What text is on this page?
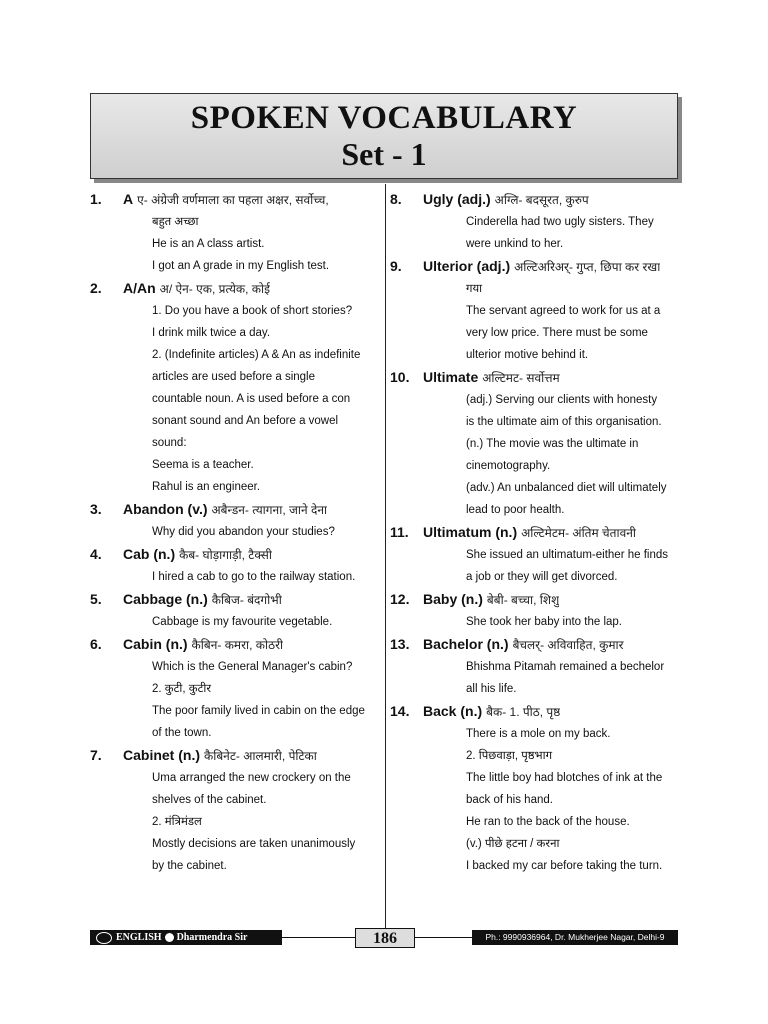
SPOKEN VOCABULARY
Set - 1
1.	A ए- अंग्रेजी वर्णमाला का पहला अक्षर, सर्वोच्च,
बहुत अच्छा
He is an A class artist.
I got an A grade in my English test.
2.	A/An अ/ ऐन- एक, प्रत्येक, कोई
1. Do you have a book of short stories?
I drink milk twice a day.
2. (Indefinite articles) A & An as indefinite
articles are used before a single
countable noun. A is used before a con
sonant sound and An before a vowel
sound:
Seema is a teacher.
Rahul is an engineer.
3.	Abandon (v.) अबैन्डन- त्यागना, जाने देना
Why did you abandon your studies?
4.	Cab (n.) कैब- घोड़ागाड़ी, टैक्सी
I hired a cab to go to the railway station.
5.	Cabbage (n.) कैबिज- बंदगोभी
Cabbage is my favourite vegetable.
6.	Cabin (n.) कैबिन- कमरा, कोठरी
Which is the General Manager's cabin?
2. कुटी, कुटीर
The poor family lived in cabin on the edge
of the town.
7.	Cabinet (n.) कैबिनेट- आलमारी, पेटिका
Uma arranged the new crockery on the
shelves of the cabinet.
2. मंत्रिमंडल
Mostly decisions are taken unanimously
by the cabinet.
8.	Ugly (adj.) अग्लि- बदसूरत, कुरुप
Cinderella had two ugly sisters. They
were unkind to her.
9.	Ulterior (adj.) अल्टिअरिअर्- गुप्त, छिपा कर रखा
गया
The servant agreed to work for us at a
very low price. There must be some
ulterior motive behind it.
10. Ultimate अल्टिमट- सर्वोत्तम
(adj.) Serving our clients with honesty
is the ultimate aim of this organisation.
(n.) The movie was the ultimate in
cinemotography.
(adv.) An unbalanced diet will ultimately
lead to poor health.
11.	Ultimatum (n.) अल्टिमेटम- अंतिम चेतावनी
She issued an ultimatum-either he finds
a job or they will get divorced.
12. Baby (n.) बेबी- बच्चा, शिशु
She took her baby into the lap.
13. Bachelor (n.) बैचलर्- अविवाहित, कुमार
Bhishma Pitamah remained a bechelor
all his life.
14. Back (n.) बैक- 1. पीठ, पृष्ठ
There is a mole on my back.
2. पिछवाड़ा, पृष्ठभाग
The little boy had blotches of ink at the
back of his hand.
He ran to the back of the house.
(v.) पीछे हटना / करना
I backed my car before taking the turn.
ENGLISH Dharmendra Sir	186	Ph.: 9990936964, Dr. Mukherjee Nagar, Delhi-9
